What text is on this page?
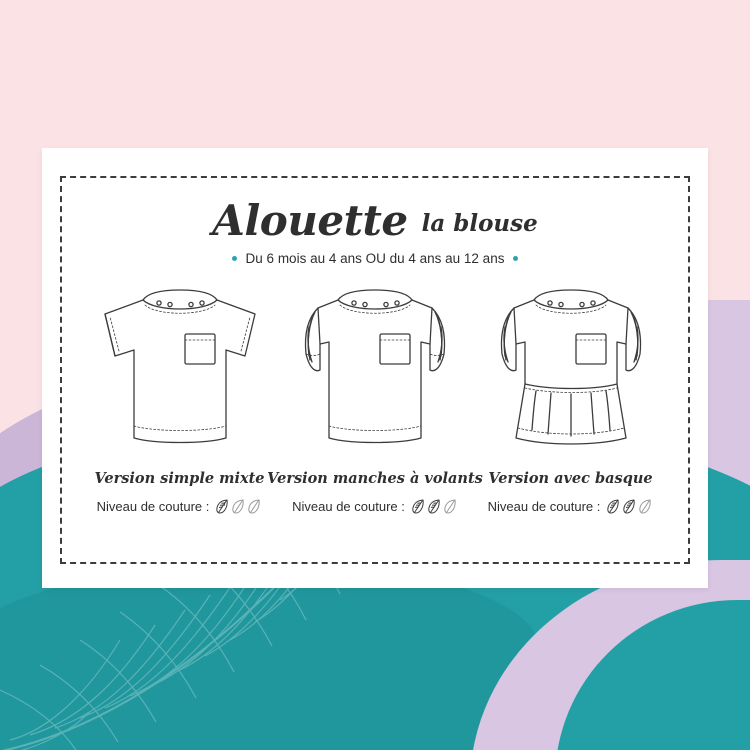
Alouette la blouse
Du 6 mois au 4 ans OU du 4 ans au 12 ans
Version simple mixte
Niveau de couture :
Version manches à volants
Niveau de couture :
Version avec basque
Niveau de couture :
